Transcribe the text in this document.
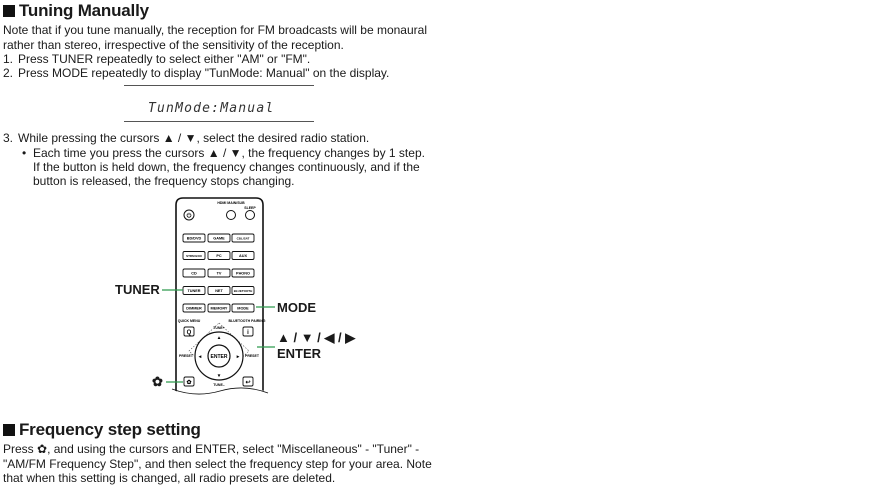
Tuning Manually
Note that if you tune manually, the reception for FM broadcasts will be monaural
rather than stereo, irrespective of the sensitivity of the reception.
1. Press TUNER repeatedly to select either "AM" or "FM".
2. Press MODE repeatedly to display "TunMode: Manual" on the display.
TunMode:Manual
3. While pressing the cursors ▲ / ▼, select the desired radio station.
• Each time you press the cursors ▲ / ▼, the frequency changes by 1 step.
If the button is held down, the frequency changes continuously, and if the
button is released, the frequency stops changing.
⏻
HDMI MAIN/SUB
SLEEP
BD/DVD	GAME	CBL/SAT
STRM BOX	PC	AUX
CD	TV	PHONO
TUNER	NET	BLUETOOTH
DIMMER MEMORY	MODE
QUICK MENU
Q
BLUETOOTH PAIRING
i
ENTER
TUNE+
TUNE–
PRESET	PRESET
▴
▾
◂	▸
✿	↩
TUNER
MODE
▲ / ▼ / ◀ / ▶
ENTER
✿
Frequency step setting
Press ✿, and using the cursors and ENTER, select "Miscellaneous" - "Tuner" -
"AM/FM Frequency Step", and then select the frequency step for your area. Note
that when this setting is changed, all radio presets are deleted.
